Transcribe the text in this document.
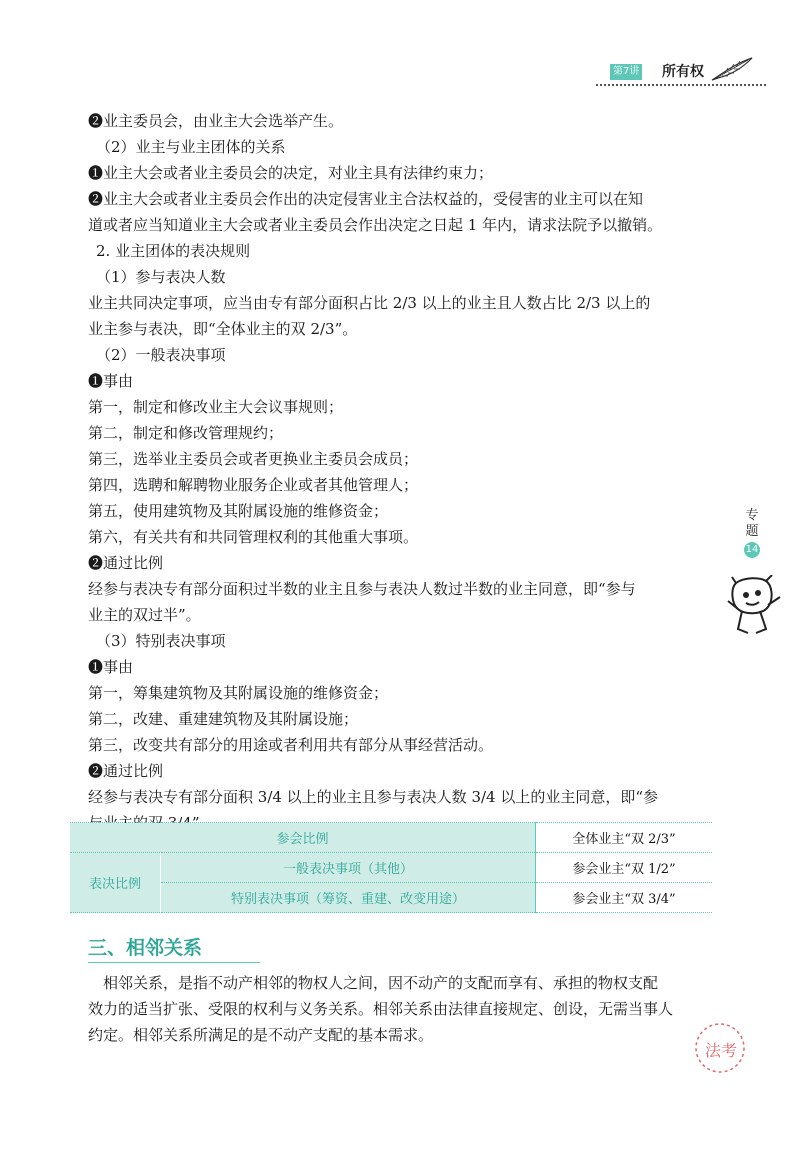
第7讲 所有权
❷业主委员会，由业主大会选举产生。
（2）业主与业主团体的关系
❶业主大会或者业主委员会的决定，对业主具有法律约束力；
❷业主大会或者业主委员会作出的决定侵害业主合法权益的，受侵害的业主可以在知
道或者应当知道业主大会或者业主委员会作出决定之日起 1 年内，请求法院予以撤销。
2. 业主团体的表决规则
（1）参与表决人数
业主共同决定事项，应当由专有部分面积占比 2/3 以上的业主且人数占比 2/3 以上的
业主参与表决，即“全体业主的双 2/3”。
（2）一般表决事项
❶事由
第一，制定和修改业主大会议事规则；
第二，制定和修改管理规约；
第三，选举业主委员会或者更换业主委员会成员；
第四，选聘和解聘物业服务企业或者其他管理人；
第五，使用建筑物及其附属设施的维修资金；
第六，有关共有和共同管理权利的其他重大事项。
❷通过比例
经参与表决专有部分面积过半数的业主且参与表决人数过半数的业主同意，即“参与
业主的双过半”。
（3）特别表决事项
❶事由
第一，筹集建筑物及其附属设施的维修资金；
第二，改建、重建建筑物及其附属设施；
第三，改变共有部分的用途或者利用共有部分从事经营活动。
❷通过比例
经参与表决专有部分面积 3/4 以上的业主且参与表决人数 3/4 以上的业主同意，即“参
参会比例		全体业主“双 2/3”
表决比例	一般表决事项（其他）	参会业主“双 1/2”
	特别表决事项（筹资、重建、改变用途）	参会业主“双 3/4”
三、相邻关系
相邻关系，是指不动产相邻的物权人之间，因不动产的支配而享有、承担的物权支配
效力的适当扩张、受限的权利与义务关系。相邻关系由法律直接规定、创设，无需当事人
约定。相邻关系所满足的是不动产支配的基本需求。
专题
14
法考
